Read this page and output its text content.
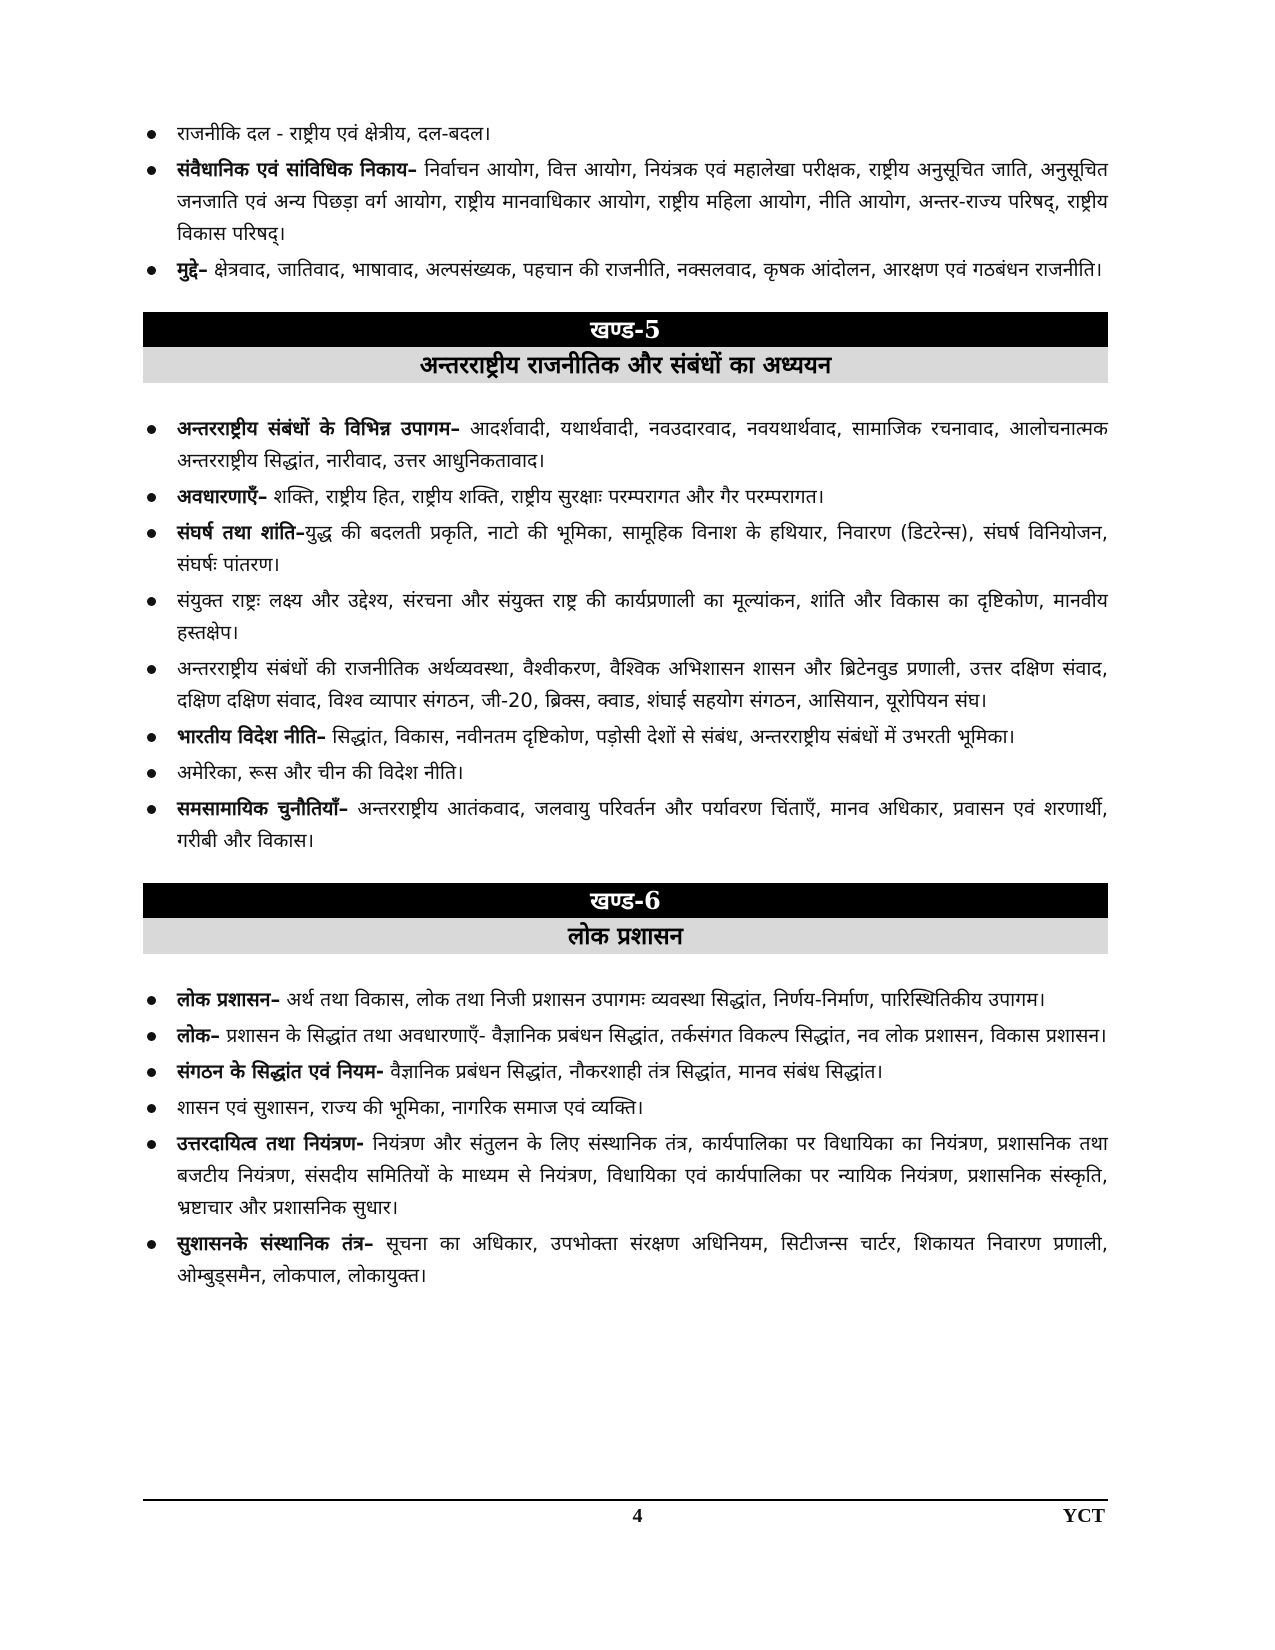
राजनीकि दल - राष्ट्रीय एवं क्षेत्रीय, दल-बदल।
संवैधानिक एवं सांविधिक निकाय– निर्वाचन आयोग, वित्त आयोग, नियंत्रक एवं महालेखा परीक्षक, राष्ट्रीय अनुसूचित जाति, अनुसूचित जनजाति एवं अन्य पिछड़ा वर्ग आयोग, राष्ट्रीय मानवाधिकार आयोग, राष्ट्रीय महिला आयोग, नीति आयोग, अन्तर-राज्य परिषद्, राष्ट्रीय विकास परिषद्।
मुद्दे– क्षेत्रवाद, जातिवाद, भाषावाद, अल्पसंख्यक, पहचान की राजनीति, नक्सलवाद, कृषक आंदोलन, आरक्षण एवं गठबंधन राजनीति।
खण्ड-5
अन्तरराष्ट्रीय राजनीतिक और संबंधों का अध्ययन
अन्तरराष्ट्रीय संबंधों के विभिन्न उपागम– आदर्शवादी, यथार्थवादी, नवउदारवाद, नवयथार्थवाद, सामाजिक रचनावाद, आलोचनात्मक अन्तरराष्ट्रीय सिद्धांत, नारीवाद, उत्तर आधुनिकतावाद।
अवधारणाएँ– शक्ति, राष्ट्रीय हित, राष्ट्रीय शक्ति, राष्ट्रीय सुरक्षाः परम्परागत और गैर परम्परागत।
संघर्ष तथा शांति–युद्ध की बदलती प्रकृति, नाटो की भूमिका, सामूहिक विनाश के हथियार, निवारण (डिटरेन्स), संघर्ष विनियोजन, संघर्षः पांतरण।
संयुक्त राष्ट्रः लक्ष्य और उद्देश्य, संरचना और संयुक्त राष्ट्र की कार्यप्रणाली का मूल्यांकन, शांति और विकास का दृष्टिकोण, मानवीय हस्तक्षेप।
अन्तरराष्ट्रीय संबंधों की राजनीतिक अर्थव्यवस्था, वैश्वीकरण, वैश्विक अभिशासन शासन और ब्रिटेनवुड प्रणाली, उत्तर दक्षिण संवाद, दक्षिण दक्षिण संवाद, विश्व व्यापार संगठन, जी-20, ब्रिक्स, क्वाड, शंघाई सहयोग संगठन, आसियान, यूरोपियन संघ।
भारतीय विदेश नीति– सिद्धांत, विकास, नवीनतम दृष्टिकोण, पड़ोसी देशों से संबंध, अन्तरराष्ट्रीय संबंधों में उभरती भूमिका।
अमेरिका, रूस और चीन की विदेश नीति।
समसामायिक चुनौतियाँ– अन्तरराष्ट्रीय आतंकवाद, जलवायु परिवर्तन और पर्यावरण चिंताएँ, मानव अधिकार, प्रवासन एवं शरणार्थी, गरीबी और विकास।
खण्ड-6
लोक प्रशासन
लोक प्रशासन– अर्थ तथा विकास, लोक तथा निजी प्रशासन उपागमः व्यवस्था सिद्धांत, निर्णय-निर्माण, पारिस्थितिकीय उपागम।
लोक– प्रशासन के सिद्धांत तथा अवधारणाएँ- वैज्ञानिक प्रबंधन सिद्धांत, तर्कसंगत विकल्प सिद्धांत, नव लोक प्रशासन, विकास प्रशासन।
संगठन के सिद्धांत एवं नियम- वैज्ञानिक प्रबंधन सिद्धांत, नौकरशाही तंत्र सिद्धांत, मानव संबंध सिद्धांत।
शासन एवं सुशासन, राज्य की भूमिका, नागरिक समाज एवं व्यक्ति।
उत्तरदायित्व तथा नियंत्रण- नियंत्रण और संतुलन के लिए संस्थानिक तंत्र, कार्यपालिका पर विधायिका का नियंत्रण, प्रशासनिक तथा बजटीय नियंत्रण, संसदीय समितियों के माध्यम से नियंत्रण, विधायिका एवं कार्यपालिका पर न्यायिक नियंत्रण, प्रशासनिक संस्कृति, भ्रष्टाचार और प्रशासनिक सुधार।
सुशासनके संस्थानिक तंत्र– सूचना का अधिकार, उपभोक्ता संरक्षण अधिनियम, सिटीजन्स चार्टर, शिकायत निवारण प्रणाली, ओम्बुड्समैन, लोकपाल, लोकायुक्त।
4	YCT
